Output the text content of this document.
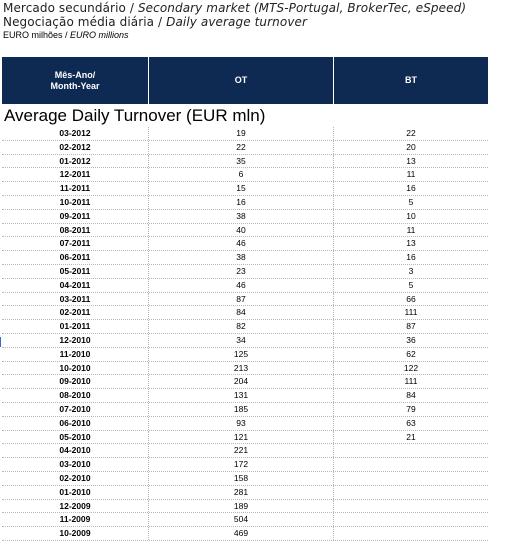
Mercado secundário / Secondary market (MTS-Portugal, BrokerTec, eSpeed)
Negociação média diária / Daily average turnover
EURO milhões / EURO millions
Mês-Ano/
Month-Year
OT	BT
Average Daily Turnover (EUR mln)
03-2012	19	22
02-2012	22	20
01-2012	35	13
12-2011	6	11
11-2011	15	16
10-2011	16	5
09-2011	38	10
08-2011	40	11
07-2011	46	13
06-2011	38	16
05-2011	23	3
04-2011	46	5
03-2011	87	66
02-2011	84	111
01-2011	82	87
12-2010	34	36
11-2010	125	62
10-2010	213	122
09-2010	204	111
08-2010	131	84
07-2010	185	79
06-2010	93	63
05-2010	121	21
04-2010	221
03-2010	172
02-2010	158
01-2010	281
12-2009	189
11-2009	504
10-2009	469
